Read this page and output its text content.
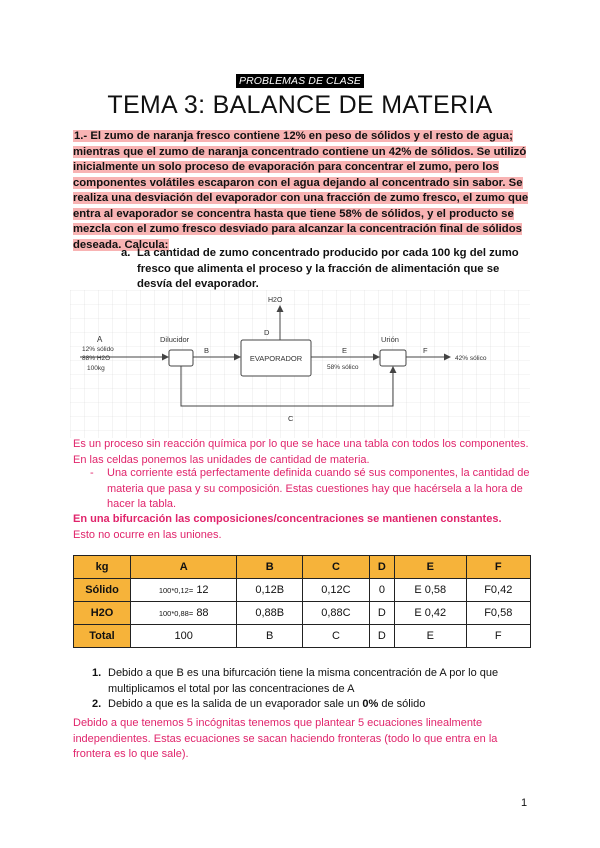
PROBLEMAS DE CLASE
TEMA 3: BALANCE DE MATERIA
1.- El zumo de naranja fresco contiene 12% en peso de sólidos y el resto de agua; mientras que el zumo de naranja concentrado contiene un 42% de sólidos. Se utilizó inicialmente un solo proceso de evaporación para concentrar el zumo, pero los componentes volátiles escaparon con el agua dejando al concentrado sin sabor. Se realiza una desviación del evaporador con una fracción de zumo fresco, el zumo que entra al evaporador se concentra hasta que tiene 58% de sólidos, y el producto se mezcla con el zumo fresco desviado para alcanzar la concentración final de sólidos deseada. Calcula:
a. La cantidad de zumo concentrado producido por cada 100 kg del zumo fresco que alimenta el proceso y la fracción de alimentación que se desvía del evaporador.
A
12% sólido
88% H2O
100kg
Dilucidor
B
EVAPORADOR
H2O
D
E
58% sólico
Urión
F
42% sólico
C
Es un proceso sin reacción química por lo que se hace una tabla con todos los componentes. En las celdas ponemos las unidades de cantidad de materia.
-	Una corriente está perfectamente definida cuando sé sus componentes, la cantidad de materia que pasa y su composición. Estas cuestiones hay que hacérsela a la hora de hacer la tabla.
En una bifurcación las composiciones/concentraciones se mantienen constantes.
Esto no ocurre en las uniones.
kg	A	B	C	D	E	F
Sólido	100*0,12= 12	0,12B	0,12C	0	E 0,58	F0,42
H2O	100*0,88= 88	0,88B	0,88C	D	E 0,42	F0,58
Total	100	B	C	D	E	F
1. Debido a que B es una bifurcación tiene la misma concentración de A por lo que multiplicamos el total por las concentraciones de A
2. Debido a que es la salida de un evaporador sale un 0% de sólido
Debido a que tenemos 5 incógnitas tenemos que plantear 5 ecuaciones linealmente independientes. Estas ecuaciones se sacan haciendo fronteras (todo lo que entra en la frontera es lo que sale).
1
